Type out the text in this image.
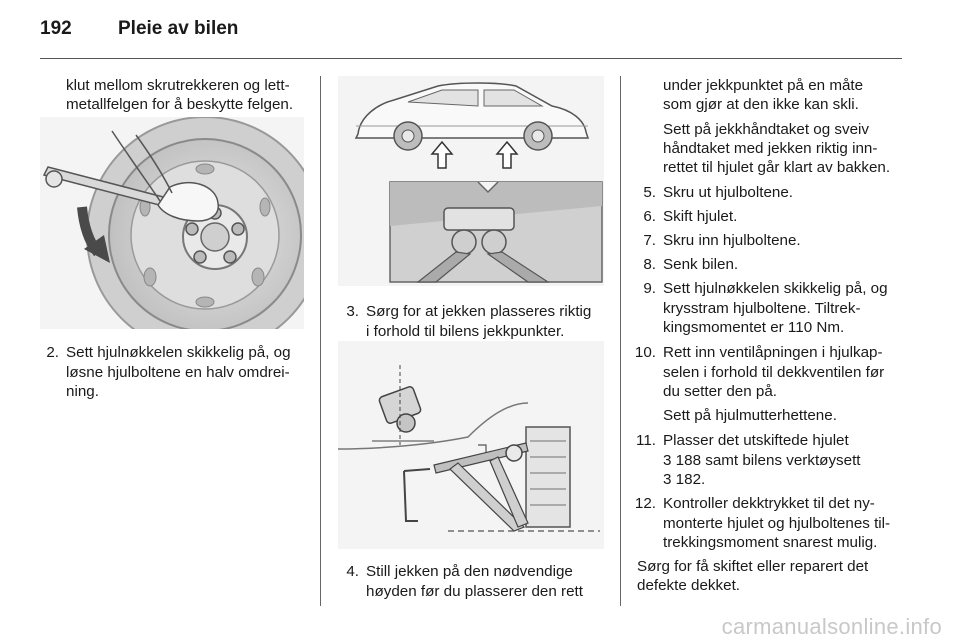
192 Pleie av bilen
klut mellom skrutrekkeren og lett-
metallfelgen for å beskytte felgen.
2. Sett hjulnøkkelen skikkelig på, og
løsne hjulboltene en halv omdrei-
ning.
3. Sørg for at jekken plasseres riktig
i forhold til bilens jekkpunkter.
4. Still jekken på den nødvendige
høyden før du plasserer den rett
under jekkpunktet på en måte
som gjør at den ikke kan skli.
Sett på jekkhåndtaket og sveiv
håndtaket med jekken riktig inn-
rettet til hjulet går klart av bakken.
5. Skru ut hjulboltene.
6. Skift hjulet.
7. Skru inn hjulboltene.
8. Senk bilen.
9. Sett hjulnøkkelen skikkelig på, og
krysstram hjulboltene. Tiltrek-
kingsmomentet er 110 Nm.
10. Rett inn ventilåpningen i hjulkap-
selen i forhold til dekkventilen før
du setter den på.
Sett på hjulmutterhettene.
11. Plasser det utskiftede hjulet
3 188 samt bilens verktøysett
3 182.
12. Kontroller dekktrykket til det ny-
monterte hjulet og hjulboltenes til-
trekkingsmoment snarest mulig.
Sørg for få skiftet eller reparert det
defekte dekket.
carmanualsonline.info
